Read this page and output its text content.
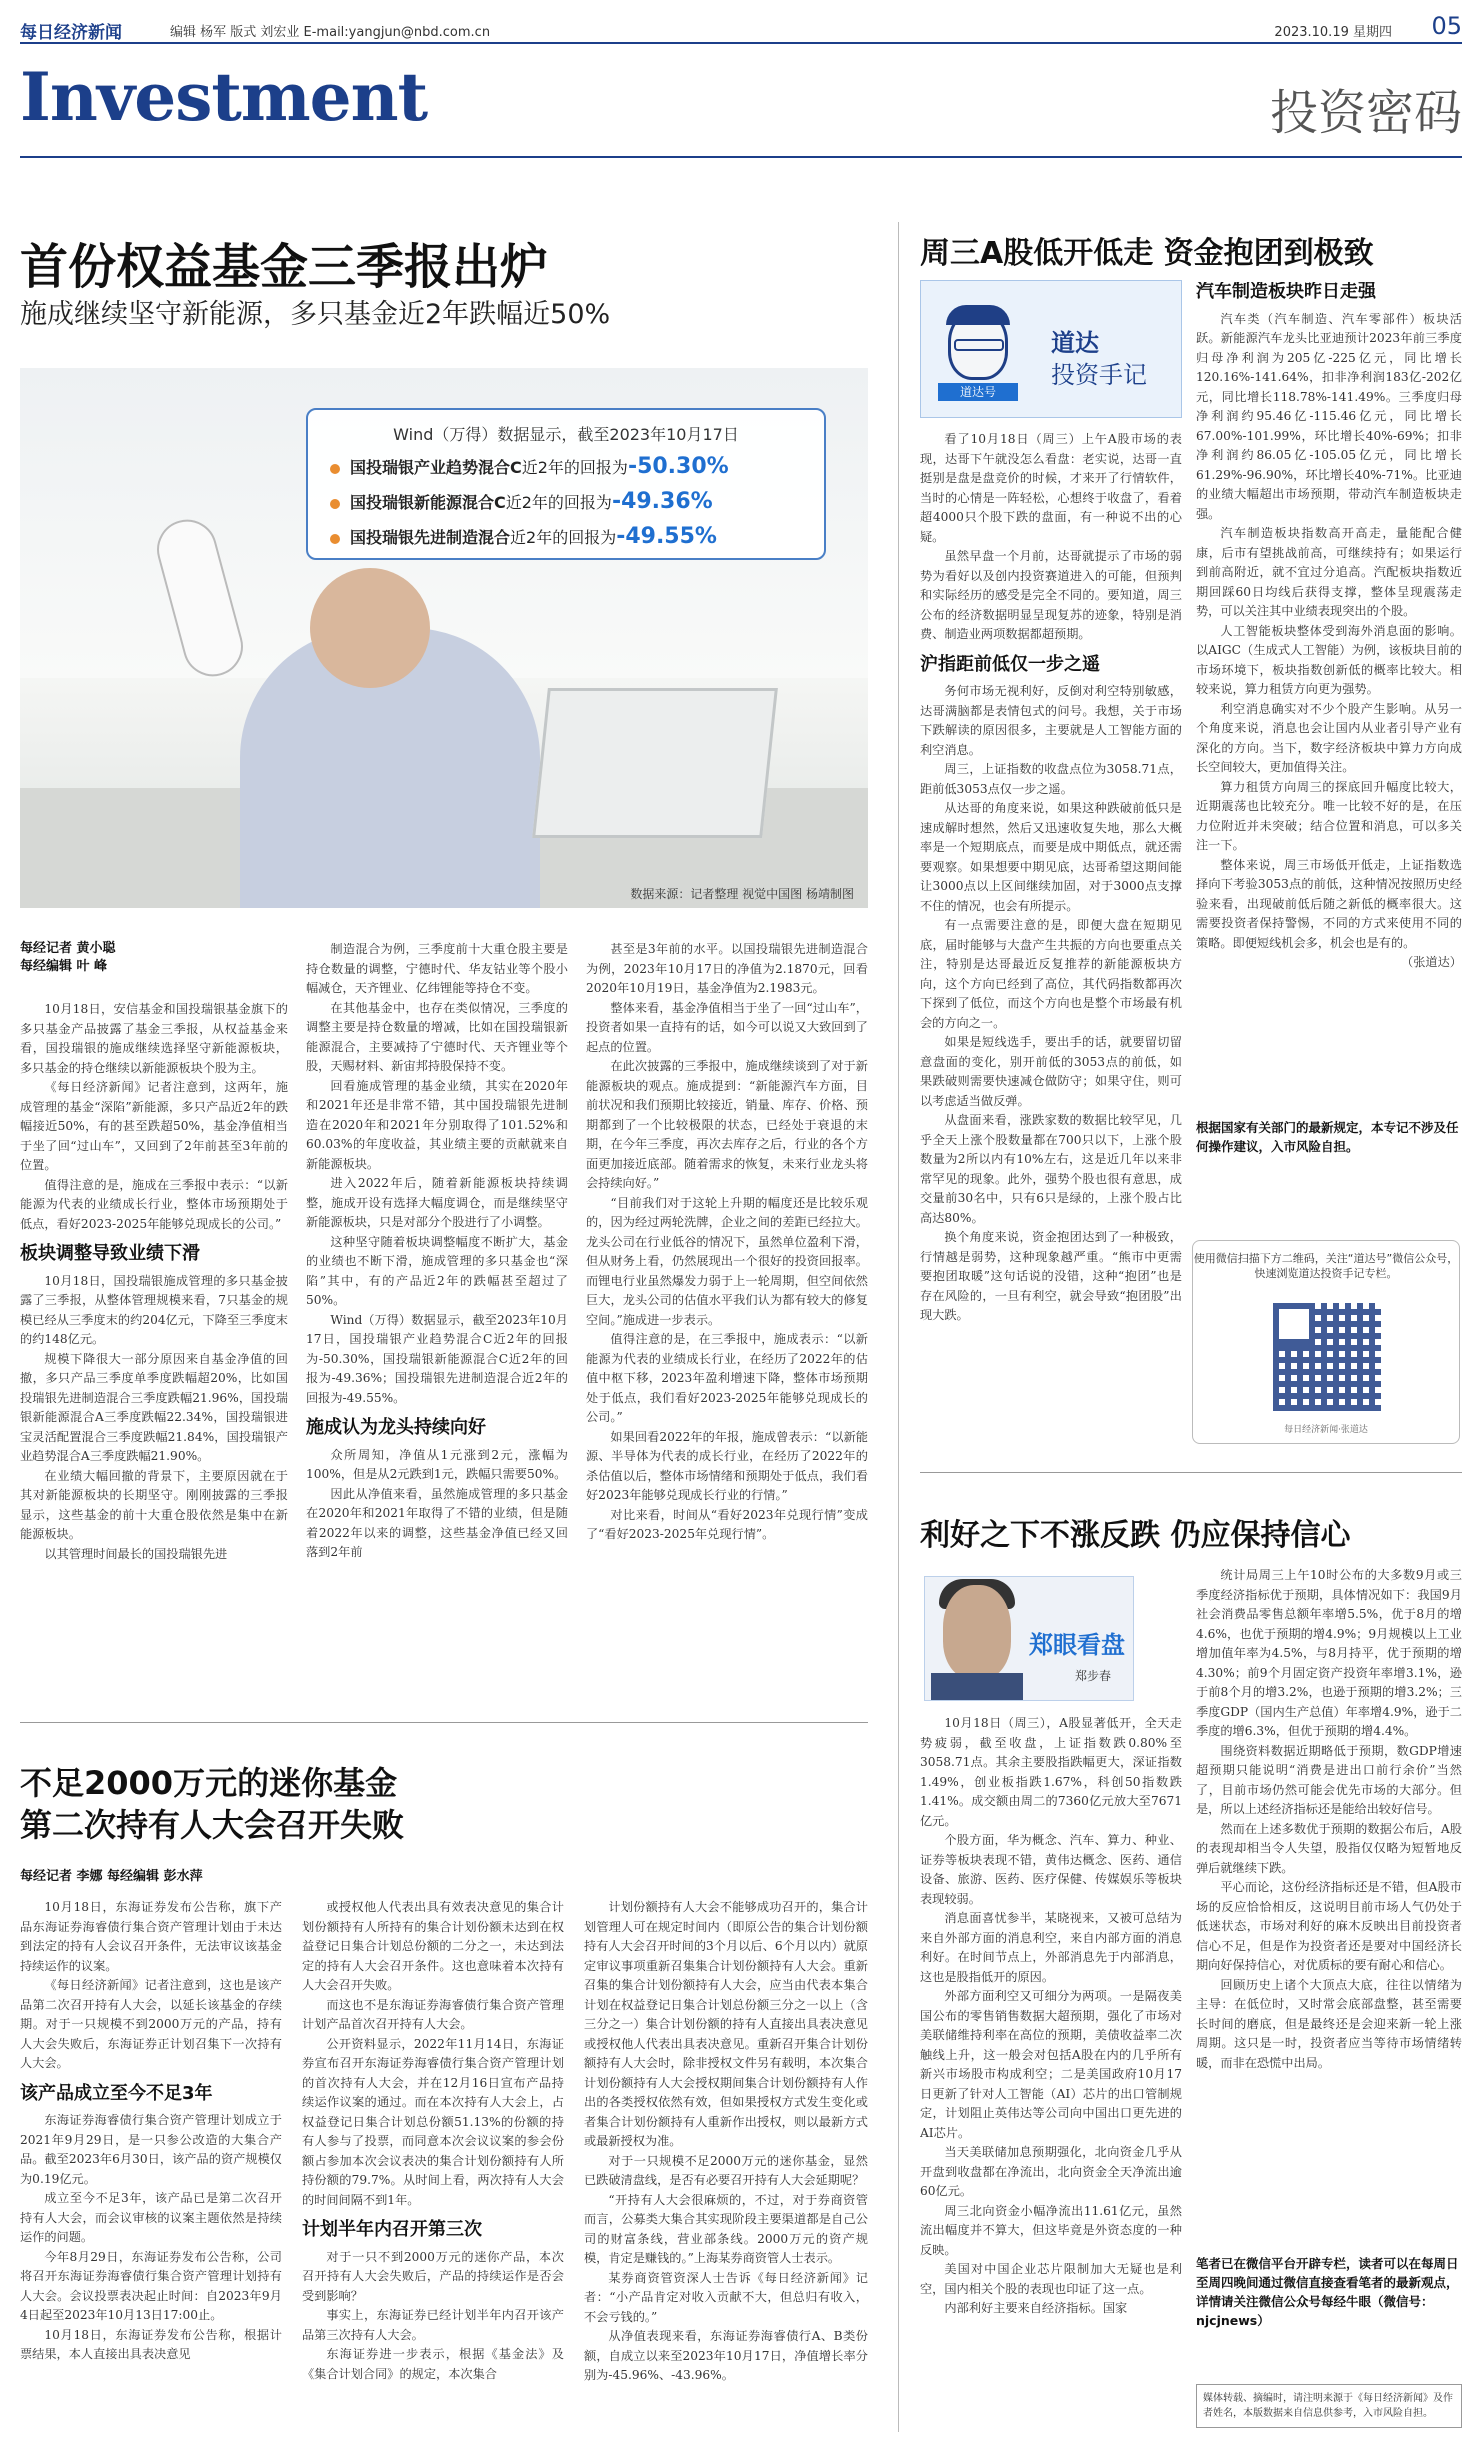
每日经济新闻	编辑 杨军 版式 刘宏业 E-mail:yangjun@nbd.com.cn	2023.10.19 星期四 05
Investment	投资密码
首份权益基金三季报出炉
施成继续坚守新能源，多只基金近2年跌幅近50%
数据来源：记者整理 视觉中国图 杨靖制图
Wind（万得）数据显示，截至2023年10月17日
国投瑞银产业趋势混合C近2年的回报为-50.30%
国投瑞银新能源混合C近2年的回报为-49.36%
国投瑞银先进制造混合近2年的回报为-49.55%
每经记者 黄小聪
每经编辑 叶 峰

10月18日，安信基金和国投瑞银基金旗下的多只基金产品披露了基金三季报，从权益基金来看，国投瑞银的施成继续选择坚守新能源板块，多只基金的持仓继续以新能源板块个股为主。

《每日经济新闻》记者注意到，这两年，施成管理的基金“深陷”新能源，多只产品近2年的跌幅接近50%，有的甚至跌超50%，基金净值相当于坐了回“过山车”，又回到了2年前甚至3年前的位置。

值得注意的是，施成在三季报中表示：“以新能源为代表的业绩成长行业，整体市场预期处于低点，看好2023-2025年能够兑现成长的公司。”

板块调整导致业绩下滑

10月18日，国投瑞银施成管理的多只基金披露了三季报，从整体管理规模来看，7只基金的规模已经从三季度末的约204亿元，下降至三季度末的约148亿元。

规模下降很大一部分原因来自基金净值的回撤，多只产品三季度单季度跌幅超20%，比如国投瑞银先进制造混合三季度跌幅21.96%，国投瑞银新能源混合A三季度跌幅22.34%，国投瑞银进宝灵活配置混合三季度跌幅21.84%，国投瑞银产业趋势混合A三季度跌幅21.90%。

在业绩大幅回撤的背景下，主要原因就在于其对新能源板块的长期坚守。刚刚披露的三季报显示，这些基金的前十大重仓股依然是集中在新能源板块。

以其管理时间最长的国投瑞银先进

制造混合为例，三季度前十大重仓股主要是持仓数量的调整，宁德时代、华友钴业等个股小幅减仓，天齐锂业、亿纬锂能等持仓不变。

在其他基金中，也存在类似情况，三季度的调整主要是持仓数量的增减，比如在国投瑞银新能源混合，主要减持了宁德时代、天齐锂业等个股，天赐材料、新宙邦持股保持不变。

回看施成管理的基金业绩，其实在2020年和2021年还是非常不错，其中国投瑞银先进制造在2020年和2021年分别取得了101.52%和60.03%的年度收益，其业绩主要的贡献就来自新能源板块。

进入2022年后，随着新能源板块持续调整，施成开设有选择大幅度调仓，而是继续坚守新能源板块，只是对部分个股进行了小调整。

这种坚守随着板块调整幅度不断扩大，基金的业绩也不断下滑，施成管理的多只基金也“深陷”其中，有的产品近2年的跌幅甚至超过了50%。

Wind（万得）数据显示，截至2023年10月17日，国投瑞银产业趋势混合C近2年的回报为-50.30%，国投瑞银新能源混合C近2年的回报为-49.36%；国投瑞银先进制造混合近2年的回报为-49.55%。

施成认为龙头持续向好

众所周知，净值从1元涨到2元，涨幅为100%，但是从2元跌到1元，跌幅只需要50%。

因此从净值来看，虽然施成管理的多只基金在2020年和2021年取得了不错的业绩，但是随着2022年以来的调整，这些基金净值已经又回落到2年前

甚至是3年前的水平。以国投瑞银先进制造混合为例，2023年10月17日的净值为2.1870元，回看2020年10月19日，基金净值为2.1983元。

整体来看，基金净值相当于坐了一回“过山车”，投资者如果一直持有的话，如今可以说又大致回到了起点的位置。

在此次披露的三季报中，施成继续谈到了对于新能源板块的观点。施成提到：“新能源汽车方面，目前状况和我们预期比较接近，销量、库存、价格、预期都到了一个比较极限的状态，已经处于衰退的末期，在今年三季度，再次去库存之后，行业的各个方面更加接近底部。随着需求的恢复，未来行业龙头将会持续向好。”

“目前我们对于这轮上升期的幅度还是比较乐观的，因为经过两轮洗牌，企业之间的差距已经拉大。龙头公司在行业低谷的情况下，虽然单位盈利下滑，但从财务上看，仍然展现出一个很好的投资回报率。而锂电行业虽然爆发力弱于上一轮周期，但空间依然巨大，龙头公司的估值水平我们认为都有较大的修复空间。”施成进一步表示。

值得注意的是，在三季报中，施成表示：“以新能源为代表的业绩成长行业，在经历了2022年的估值中枢下移，2023年盈利增速下降，整体市场预期处于低点，我们看好2023-2025年能够兑现成长的公司。”

如果回看2022年的年报，施成曾表示：“以新能源、半导体为代表的成长行业，在经历了2022年的杀估值以后，整体市场情绪和预期处于低点，我们看好2023年能够兑现成长行业的行情。”

对比来看，时间从“看好2023年兑现行情”变成了“看好2023-2025年兑现行情”。

不足2000万元的迷你基金
第二次持有人大会召开失败
每经记者 李娜 每经编辑 彭水萍

10月18日，东海证券发布公告称，旗下产品东海证券海睿债行集合资产管理计划由于未达到法定的持有人会议召开条件，无法审议该基金持续运作的议案。

《每日经济新闻》记者注意到，这也是该产品第二次召开持有人大会，以延长该基金的存续期。对于一只规模不到2000万元的产品，持有人大会失败后，东海证券正计划召集下一次持有人大会。

该产品成立至今不足3年

东海证券海睿债行集合资产管理计划成立于2021年9月29日，是一只参公改造的大集合产品。截至2023年6月30日，该产品的资产规模仅为0.19亿元。

成立至今不足3年，该产品已是第二次召开持有人大会，而会议审核的议案主题依然是持续运作的问题。

今年8月29日，东海证券发布公告称，公司将召开东海证券海睿债行集合资产管理计划持有人大会。会议投票表决起止时间：自2023年9月4日起至2023年10月13日17:00止。

10月18日，东海证券发布公告称，根据计票结果，本人直接出具表决意见

或授权他人代表出具有效表决意见的集合计划份额持有人所持有的集合计划份额未达到在权益登记日集合计划总份额的二分之一，未达到法定的持有人大会召开条件。这也意味着本次持有人大会召开失败。

而这也不是东海证券海睿债行集合资产管理计划产品首次召开持有人大会。

公开资料显示，2022年11月14日，东海证券宣布召开东海证券海睿债行集合资产管理计划的首次持有人大会，并在12月16日宣布产品持续运作议案的通过。而在本次持有人大会上，占权益登记日集合计划总份额51.13%的份额的持有人参与了投票，而同意本次会议议案的参会份额占参加本次会议表决的集合计划份额持有人所持份额的79.7%。从时间上看，两次持有人大会的时间间隔不到1年。

计划半年内召开第三次

对于一只不到2000万元的迷你产品，本次召开持有人大会失败后，产品的持续运作是否会受到影响？

事实上，东海证券已经计划半年内召开该产品第三次持有人大会。

东海证券进一步表示，根据《基金法》及《集合计划合同》的规定，本次集合

计划份额持有人大会不能够成功召开的，集合计划管理人可在规定时间内（即原公告的集合计划份额持有人大会召开时间的3个月以后、6个月以内）就原定审议事项重新召集集合计划份额持有人大会。重新召集的集合计划份额持有人大会，应当由代表本集合计划在权益登记日集合计划总份额三分之一以上（含三分之一）集合计划份额的持有人直接出具表决意见或授权他人代表出具表决意见。重新召开集合计划份额持有人大会时，除非授权文件另有载明，本次集合计划份额持有人大会授权期间集合计划份额持有人作出的各类授权依然有效，但如果授权方式发生变化或者集合计划份额持有人重新作出授权，则以最新方式或最新授权为准。

对于一只规模不足2000万元的迷你基金，显然已跌破清盘线，是否有必要召开持有人大会延期呢？

“开持有人大会很麻烦的，不过，对于券商资管而言，公募类大集合其实现阶段主要渠道都是自己公司的财富条线，营业部条线。2000万元的资产规模，肯定是赚钱的。”上海某券商资管人士表示。

某券商资管资深人士告诉《每日经济新闻》记者：“小产品肯定对收入贡献不大，但总归有收入，不会亏钱的。”

从净值表现来看，东海证券海睿债行A、B类份额，自成立以来至2023年10月17日，净值增长率分别为-45.96%、-43.96%。

周三A股低开低走 资金抱团到极致
道达号
道达
投资手记

看了10月18日（周三）上午A股市场的表现，达哥下午就没怎么看盘：老实说，达哥一直挺别是盘是盘竞价的时候，才来开了行情软件，当时的心情是一阵轻松，心想终于收盘了，看着超4000只个股下跌的盘面，有一种说不出的心疑。

虽然早盘一个月前，达哥就提示了市场的弱势为看好以及创内投资赛道进入的可能，但预判和实际经历的感受是完全不同的。要知道，周三公布的经济数据明显呈现复苏的迹象，特别是消费、制造业两项数据都超预期。

沪指距前低仅一步之遥

务何市场无视利好，反倒对利空特别敏感，达哥满脑都是表情包式的问号。我想，关于市场下跌解读的原因很多，主要就是人工智能方面的利空消息。

周三，上证指数的收盘点位为3058.71点，距前低3053点仅一步之遥。

从达哥的角度来说，如果这种跌破前低只是速成解时想然，然后又迅速收复失地，那么大概率是一个短期底点，而要是成中期低点，就还需要观察。如果想要中期见底，达哥希望这期间能让3000点以上区间继续加固，对于3000点支撑不住的情况，也会有所提示。

有一点需要注意的是，即便大盘在短期见底，届时能够与大盘产生共振的方向也要重点关注，特别是达哥最近反复推荐的新能源板块方向，这个方向已经到了高位，其代码指数都再次下探到了低位，而这个方向也是整个市场最有机会的方向之一。

如果是短线选手，要出手的话，就要留切留意盘面的变化，别开前低的3053点的前低，如果跌破则需要快速减仓做防守；如果守住，则可以考虑适当做反弹。

从盘面来看，涨跌家数的数据比较罕见，几乎全天上涨个股数量都在700只以下，上涨个股数量为2所以内有10%左右，这是近几年以来非常罕见的现象。此外，强势个股也很有意思，成交量前30名中，只有6只是绿的，上涨个股占比高达80%。

换个角度来说，资金抱团达到了一种极致，行情越是弱势，这种现象越严重。“熊市中更需要抱团取暖”这句话说的没错，这种“抱团”也是存在风险的，一旦有利空，就会导致“抱团股”出现大跌。

汽车制造板块昨日走强

汽车类（汽车制造、汽车零部件）板块活跃。新能源汽车龙头比亚迪预计2023年前三季度归母净利润为205亿-225亿元，同比增长120.16%-141.64%，扣非净利润183亿-202亿元，同比增长118.78%-141.49%。三季度归母净利润约95.46亿-115.46亿元，同比增长67.00%-101.99%，环比增长40%-69%；扣非净利润约86.05亿-105.05亿元，同比增长61.29%-96.90%，环比增长40%-71%。比亚迪的业绩大幅超出市场预期，带动汽车制造板块走强。

汽车制造板块指数高开高走，量能配合健康，后市有望挑战前高，可继续持有；如果运行到前高附近，就不宜过分追高。汽配板块指数近期回踩60日均线后获得支撑，整体呈现震荡走势，可以关注其中业绩表现突出的个股。

人工智能板块整体受到海外消息面的影响。以AIGC（生成式人工智能）为例，该板块目前的市场环境下，板块指数创新低的概率比较大。相较来说，算力租赁方向更为强势。

利空消息确实对不少个股产生影响。从另一个角度来说，消息也会让国内从业者引导产业有深化的方向。当下，数字经济板块中算力方向成长空间较大，更加值得关注。

算力租赁方向周三的探底回升幅度比较大，近期震荡也比较充分。唯一比较不好的是，在压力位附近并未突破；结合位置和消息，可以多关注一下。

整体来说，周三市场低开低走，上证指数选择向下考验3053点的前低，这种情况按照历史经验来看，出现破前低后随之新低的概率很大。这需要投资者保持警惕，不同的方式来使用不同的策略。即便短线机会多，机会也是有的。

（张道达）

根据国家有关部门的最新规定，本专记不涉及任何操作建议，入市风险自担。
使用微信扫描下方二维码，关注“道达号”微信公众号，快速浏览道达投资手记专栏。
每日经济新闻·张道达
利好之下不涨反跌 仍应保持信心
郑眼看盘
郑步春

10月18日（周三），A股显著低开，全天走势疲弱，截至收盘，上证指数跌0.80%至3058.71点。其余主要股指跌幅更大，深证指数1.49%，创业板指跌1.67%，科创50指数跌1.41%。成交额由周二的7360亿元放大至7671亿元。

个股方面，华为概念、汽车、算力、种业、证券等板块表现不错，黄伟达概念、医药、通信设备、旅游、医药、医疗保健、传媒娱乐等板块表现较弱。

消息面喜忧参半，某晓视来，又被可总结为来自外部方面的消息利空，来自内部方面的消息利好。在时间节点上，外部消息先于内部消息，这也是股指低开的原因。

外部方面利空又可细分为两项。一是隔夜美国公布的零售销售数据大超预期，强化了市场对美联储维持利率在高位的预期，美债收益率二次触线上升，这一般会对包括A股在内的几乎所有新兴市场股市构成利空；二是美国政府10月17日更新了针对人工智能（AI）芯片的出口管制规定，计划阻止英伟达等公司向中国出口更先进的AI芯片。

当天美联储加息预期强化，北向资金几乎从开盘到收盘都在净流出，北向资金全天净流出逾60亿元。

周三北向资金小幅净流出11.61亿元，虽然流出幅度并不算大，但这毕竟是外资态度的一种反映。

美国对中国企业芯片限制加大无疑也是利空，国内相关个股的表现也印证了这一点。

内部利好主要来自经济指标。国家

统计局周三上午10时公布的大多数9月或三季度经济指标优于预期，具体情况如下：我国9月社会消费品零售总额年率增5.5%，优于8月的增4.6%，也优于预期的增4.9%；9月规模以上工业增加值年率为4.5%，与8月持平，优于预期的增4.30%；前9个月固定资产投资年率增3.1%，逊于前8个月的增3.2%，也逊于预期的增3.2%；三季度GDP（国内生产总值）年率增4.9%，逊于二季度的增6.3%，但优于预期的增4.4%。

围绕资料数据近期略低于预期，数GDP增速超预期只能说明“消费是进出口前行余价”当然了，目前市场仍然可能会优先市场的大部分。但是，所以上述经济指标还是能给出较好信号。

然而在上述多数优于预期的数据公布后，A股的表现却相当令人失望，股指仅仅略为短暂地反弹后就继续下跌。

平心而论，这份经济指标还是不错，但A股市场的反应恰恰相反，这说明目前市场人气仍处于低迷状态，市场对利好的麻木反映出目前投资者信心不足，但是作为投资者还是要对中国经济长期向好保持信心，对优质标的要有耐心和信心。

回顾历史上诸个大顶点大底，往往以情绪为主导：在低位时，又时常会底部盘整，甚至需要长时间的磨底，但是最终还是会迎来新一轮上涨周期。这只是一时，投资者应当等待市场情绪转暖，而非在恐慌中出局。

笔者已在微信平台开辟专栏，读者可以在每周日至周四晚间通过微信直接查看笔者的最新观点，详情请关注微信公众号每经牛眼（微信号：njcjnews）
媒体转载、摘编时，请注明来源于《每日经济新闻》及作者姓名，本版数据来自信息供参考，入市风险自担。
